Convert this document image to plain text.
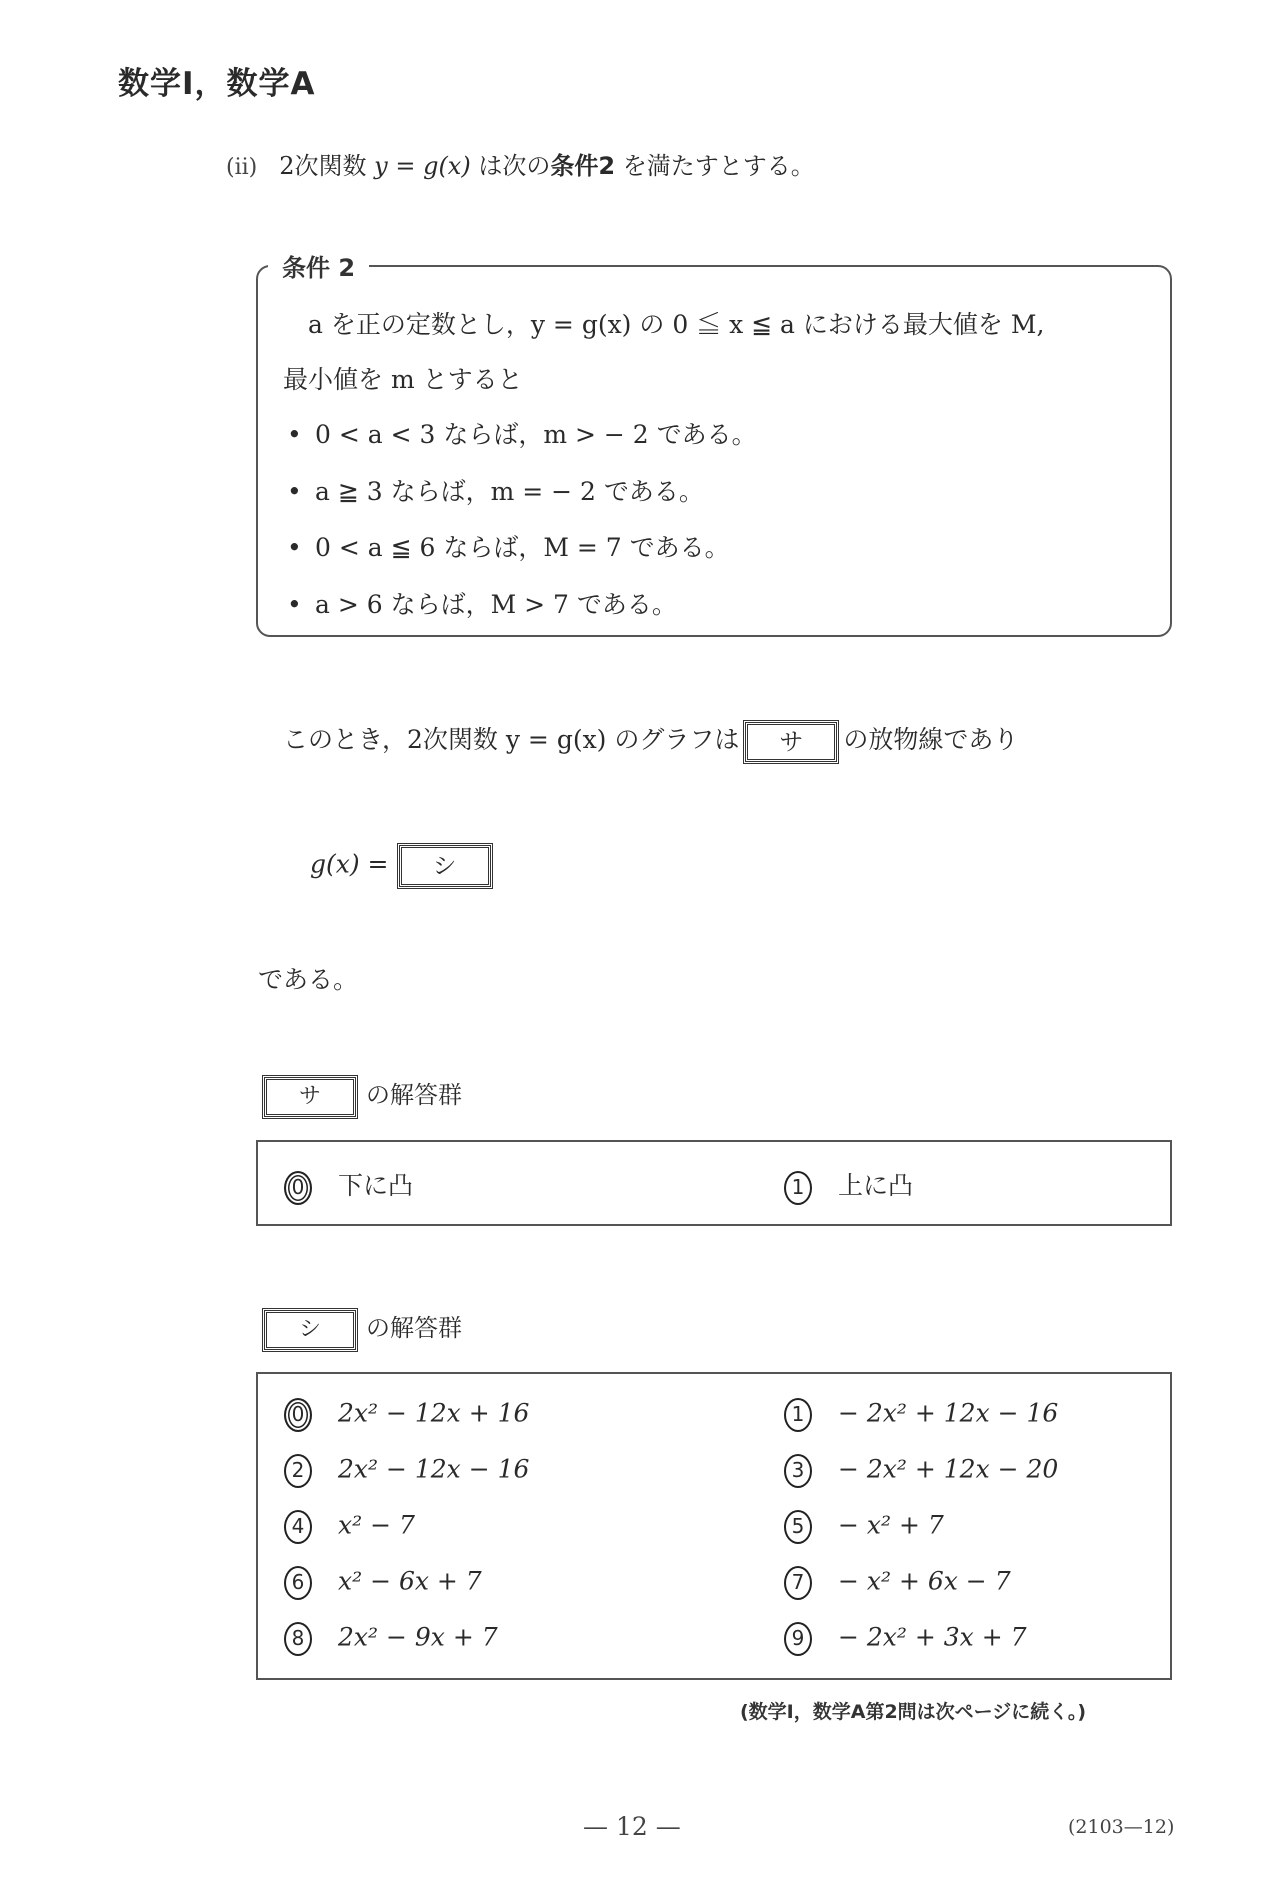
数学Ⅰ，数学A
(ii) 2次関数 y = g(x) は次の条件2 を満たすとする。
条件 2
a を正の定数とし，y = g(x) の 0 ≦ x ≦ a における最大値を M,
最小値を m とすると
• 0 < a < 3 ならば，m > − 2 である。
• a ≧ 3 ならば，m = − 2 である。
• 0 < a ≦ 6 ならば，M = 7 である。
• a > 6 ならば，M > 7 である。
このとき，2次関数 y = g(x) のグラフは サ の放物線であり
g(x) = シ
である。
サ の解答群
0 下に凸	1 上に凸
シ の解答群
0 2x² − 12x + 16	1 − 2x² + 12x − 16
2 2x² − 12x − 16	3 − 2x² + 12x − 20
4 x² − 7	5 − x² + 7
6 x² − 6x + 7	7 − x² + 6x − 7
8 2x² − 9x + 7	9 − 2x² + 3x + 7
(数学Ⅰ，数学A第2問は次ページに続く。)
— 12 —	(2103—12)
